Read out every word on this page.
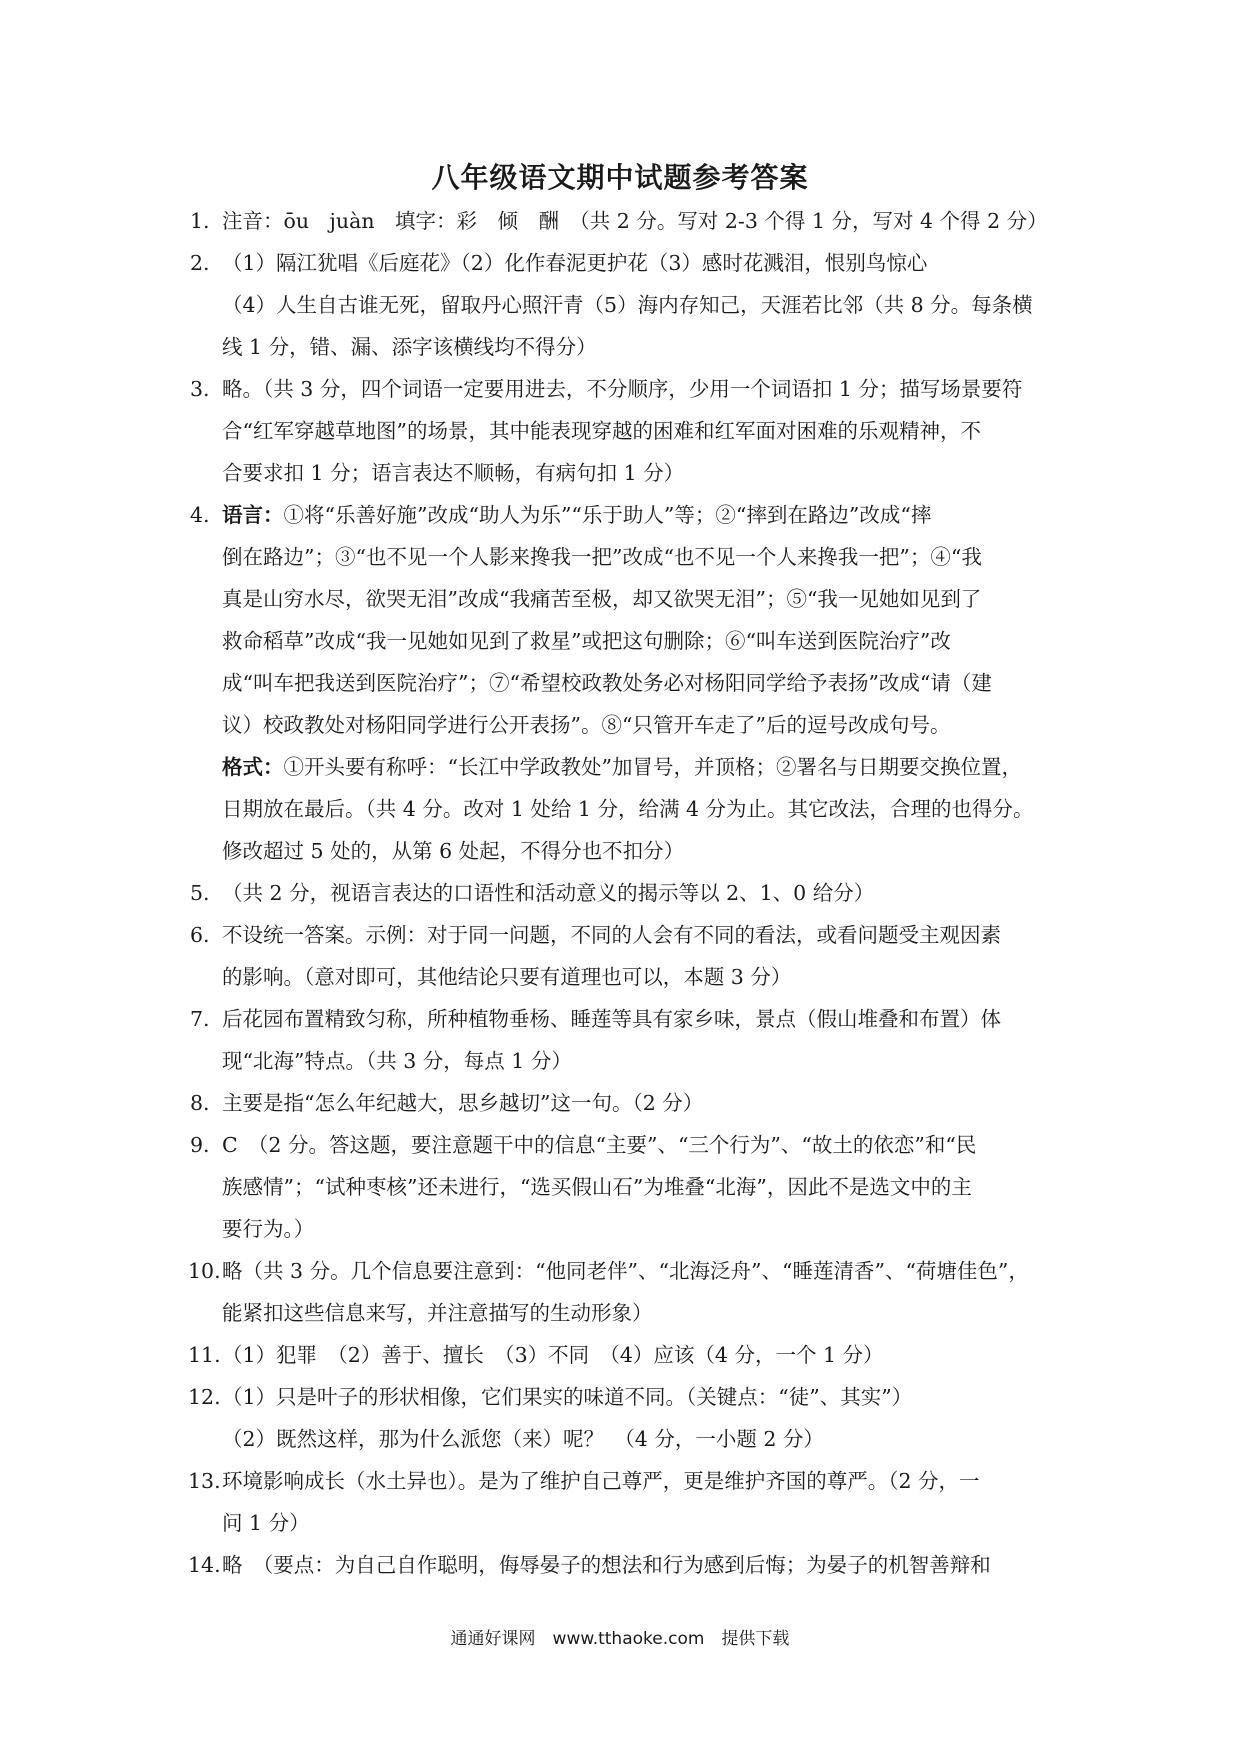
八年级语文期中试题参考答案
1. 注音：ōu　juàn　填字：彩　倾　酬　（共 2 分。写对 2-3 个得 1 分，写对 4 个得 2 分）
2. （1）隔江犹唱《后庭花》（2）化作春泥更护花（3）感时花溅泪，恨别鸟惊心
（4）人生自古谁无死，留取丹心照汗青（5）海内存知己，天涯若比邻（共 8 分。每条横
线 1 分，错、漏、添字该横线均不得分）
3. 略。（共 3 分，四个词语一定要用进去，不分顺序，少用一个词语扣 1 分；描写场景要符
合“红军穿越草地图”的场景，其中能表现穿越的困难和红军面对困难的乐观精神，不
合要求扣 1 分；语言表达不顺畅，有病句扣 1 分）
4. 语言：①将“乐善好施”改成“助人为乐”“乐于助人”等；②“摔到在路边”改成“摔
倒在路边”；③“也不见一个人影来搀我一把”改成“也不见一个人来搀我一把”；④“我
真是山穷水尽，欲哭无泪”改成“我痛苦至极，却又欲哭无泪”；⑤“我一见她如见到了
救命稻草”改成“我一见她如见到了救星”或把这句删除；⑥“叫车送到医院治疗”改
成“叫车把我送到医院治疗”；⑦“希望校政教处务必对杨阳同学给予表扬”改成“请（建
议）校政教处对杨阳同学进行公开表扬”。⑧“只管开车走了”后的逗号改成句号。
格式：①开头要有称呼：“长江中学政教处”加冒号，并顶格；②署名与日期要交换位置，
日期放在最后。（共 4 分。改对 1 处给 1 分，给满 4 分为止。其它改法，合理的也得分。
修改超过 5 处的，从第 6 处起，不得分也不扣分）
5. （共 2 分，视语言表达的口语性和活动意义的揭示等以 2、1、0 给分）
6. 不设统一答案。示例：对于同一问题，不同的人会有不同的看法，或看问题受主观因素
的影响。（意对即可，其他结论只要有道理也可以，本题 3 分）
7. 后花园布置精致匀称，所种植物垂杨、睡莲等具有家乡味，景点（假山堆叠和布置）体
现“北海”特点。（共 3 分，每点 1 分）
8. 主要是指“怎么年纪越大，思乡越切”这一句。（2 分）
9. C　（2 分。答这题，要注意题干中的信息“主要”、“三个行为”、“故土的依恋”和“民
族感情”；“试种枣核”还未进行，“选买假山石”为堆叠“北海”，因此不是选文中的主
要行为。）
10. 略（共 3 分。几个信息要注意到：“他同老伴”、“北海泛舟”、“睡莲清香”、“荷塘佳色”，
能紧扣这些信息来写，并注意描写的生动形象）
11. （1）犯罪　（2）善于、擅长　（3）不同　（4）应该（4 分，一个 1 分）
12. （1）只是叶子的形状相像，它们果实的味道不同。（关键点：“徒”、其实”）
（2）既然这样，那为什么派您（来）呢？　（4 分，一小题 2 分）
13. 环境影响成长（水土异也）。是为了维护自己尊严，更是维护齐国的尊严。（2 分，一
问 1 分）
14. 略　（要点：为自己自作聪明，侮辱晏子的想法和行为感到后悔；为晏子的机智善辩和
通通好课网　www.tthaoke.com　提供下载
